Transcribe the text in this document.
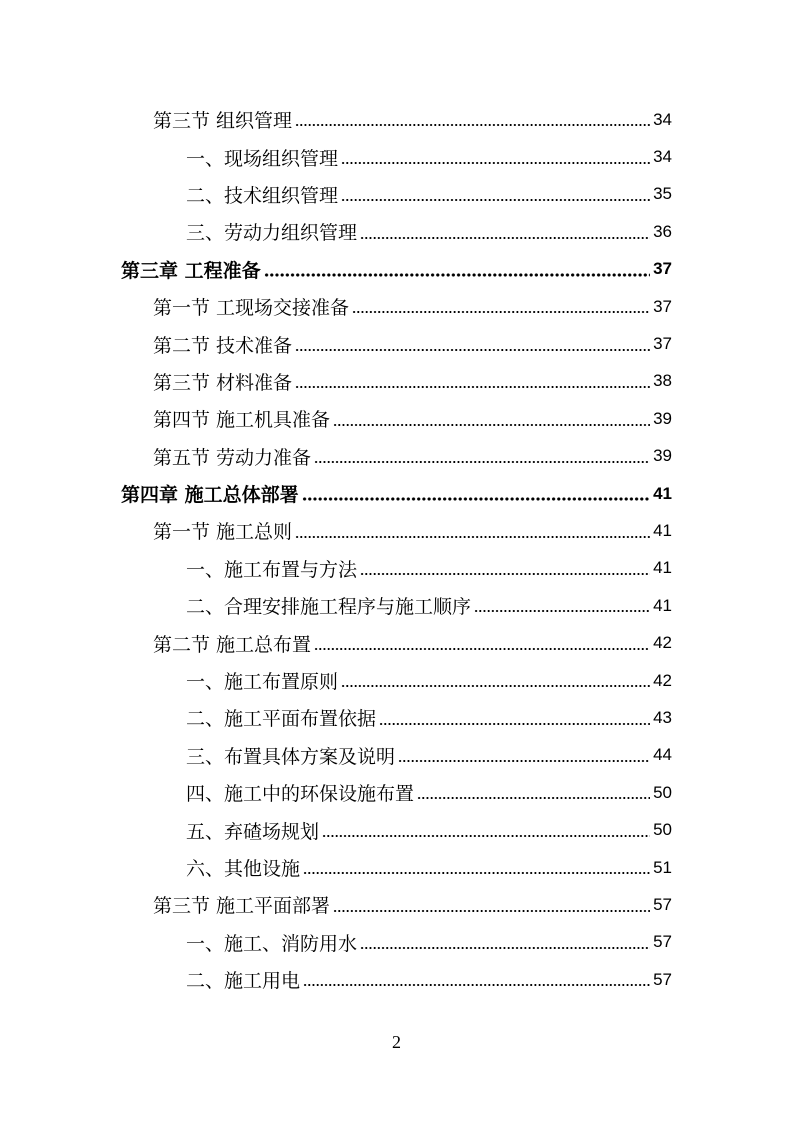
第三节 组织管理	34
一、现场组织管理	34
二、技术组织管理	35
三、劳动力组织管理	36
第三章 工程准备	37
第一节 工现场交接准备	37
第二节 技术准备	37
第三节 材料准备	38
第四节 施工机具准备	39
第五节 劳动力准备	39
第四章 施工总体部署	41
第一节 施工总则	41
一、施工布置与方法	41
二、合理安排施工程序与施工顺序	41
第二节 施工总布置	42
一、施工布置原则	42
二、施工平面布置依据	43
三、布置具体方案及说明	44
四、施工中的环保设施布置	50
五、弃碴场规划	50
六、其他设施	51
第三节 施工平面部署	57
一、施工、消防用水	57
二、施工用电	57
2
